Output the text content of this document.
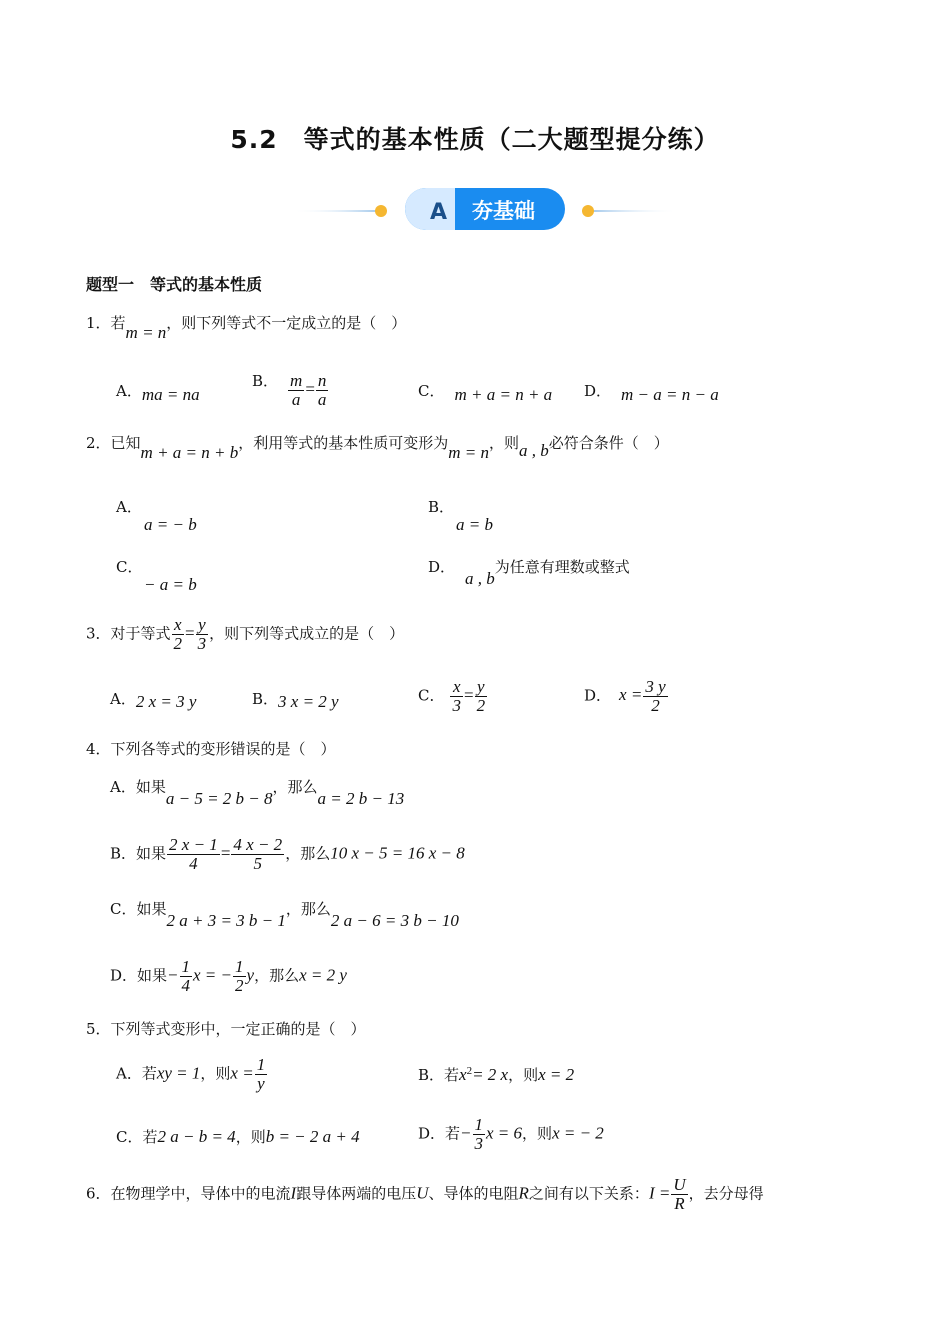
5.2　等式的基本性质（二大题型提分练）
A 夯基础
题型一　等式的基本性质
1．若m = n，则下列等式不一定成立的是（　）
A．ma = na
B． $\frac{m}{a} = \frac{n}{a}$	C． m + a = n + a D． m − a = n − a
2．已知m + a = n + b，利用等式的基本性质可变形为m = n，则a , b必符合条件（　）
A．
a = − b
B．
a = b
C．
− a = b
D．a , b为任意有理数或整式
3．对于等式 $\frac{x}{2} = \frac{y}{3}$ ，则下列等式成立的是（　）
A．2 x = 3 y	B．3 x = 2 y	C． $\frac{x}{3} = \frac{y}{2}$	D． $x = \frac{3 y}{2}$
4．下列各等式的变形错误的是（　）
A．如果a − 5 = 2 b − 8，那么a = 2 b − 13
B．如果 $\frac{2 x - 1}{4} = \frac{4 x - 2}{5}$ ，那么10 x − 5 = 16 x − 8
C．如果2 a + 3 = 3 b − 1，那么2 a − 6 = 3 b − 10
D．如果− $\frac{1}{4}$ x = − $\frac{1}{2}$ y，那么x = 2 y
5．下列等式变形中，一定正确的是（　）
A．若xy = 1，则$x = \frac{1}{y}$	B．若$x^2= 2$ x，则x = 2
C．若2 a − b = 4，则b = − 2 a + 4	D．若− $\frac{1}{3}$ x = 6，则x = − 2
6．在物理学中，导体中的电流I跟导体两端的电压U、导体的电阻R之间有以下关系：$I = \frac{U}{R}$ ，去分母得
